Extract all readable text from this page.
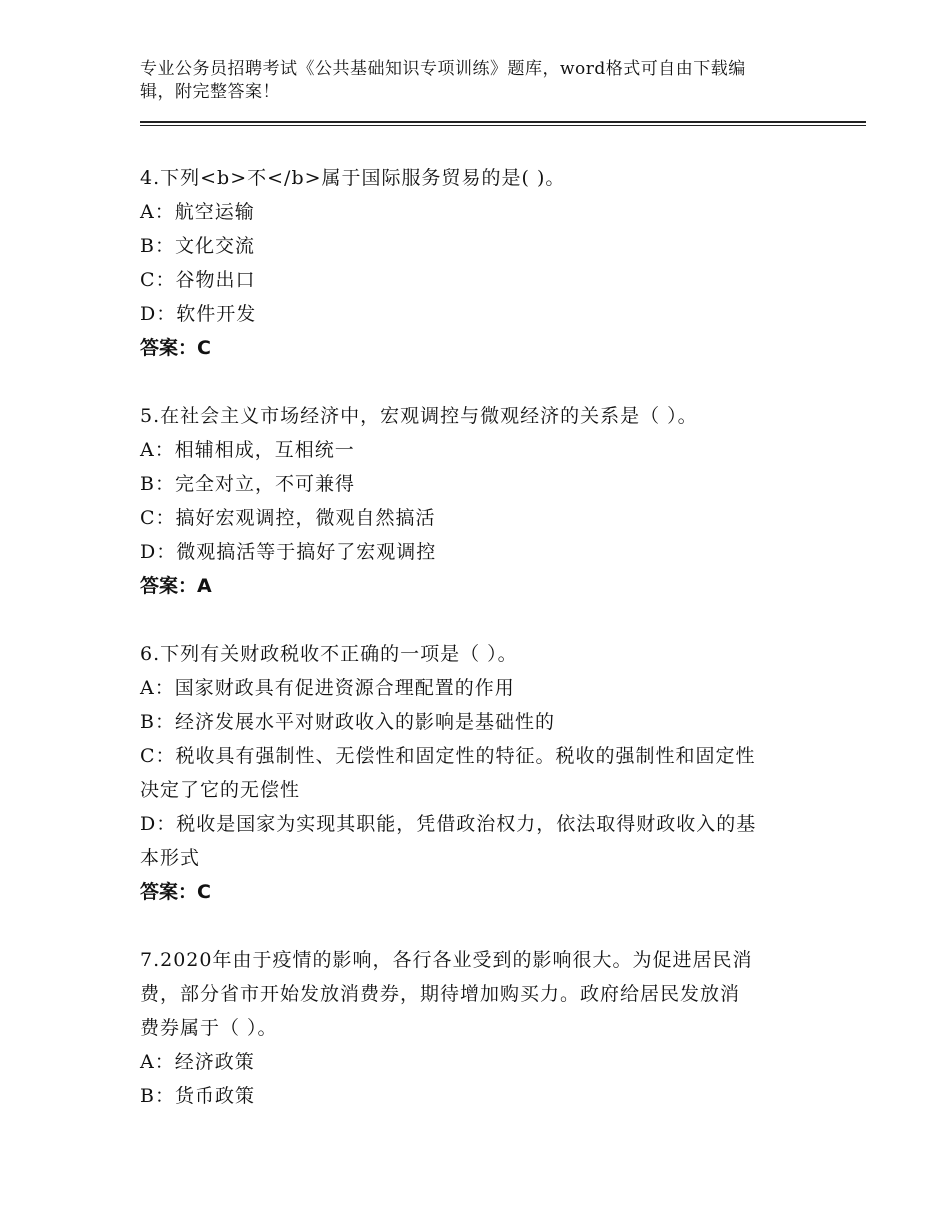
专业公务员招聘考试《公共基础知识专项训练》题库，word格式可自由下载编
辑，附完整答案！
4.下列<b>不</b>属于国际服务贸易的是( )。
A：航空运输
B：文化交流
C：谷物出口
D：软件开发
答案：C
5.在社会主义市场经济中，宏观调控与微观经济的关系是（ ）。
A：相辅相成，互相统一
B：完全对立，不可兼得
C：搞好宏观调控，微观自然搞活
D：微观搞活等于搞好了宏观调控
答案：A
6.下列有关财政税收不正确的一项是（ ）。
A：国家财政具有促进资源合理配置的作用
B：经济发展水平对财政收入的影响是基础性的
C：税收具有强制性、无偿性和固定性的特征。税收的强制性和固定性
决定了它的无偿性
D：税收是国家为实现其职能，凭借政治权力，依法取得财政收入的基
本形式
答案：C
7.2020年由于疫情的影响，各行各业受到的影响很大。为促进居民消
费，部分省市开始发放消费券，期待增加购买力。政府给居民发放消
费券属于（ ）。
A：经济政策
B：货币政策
